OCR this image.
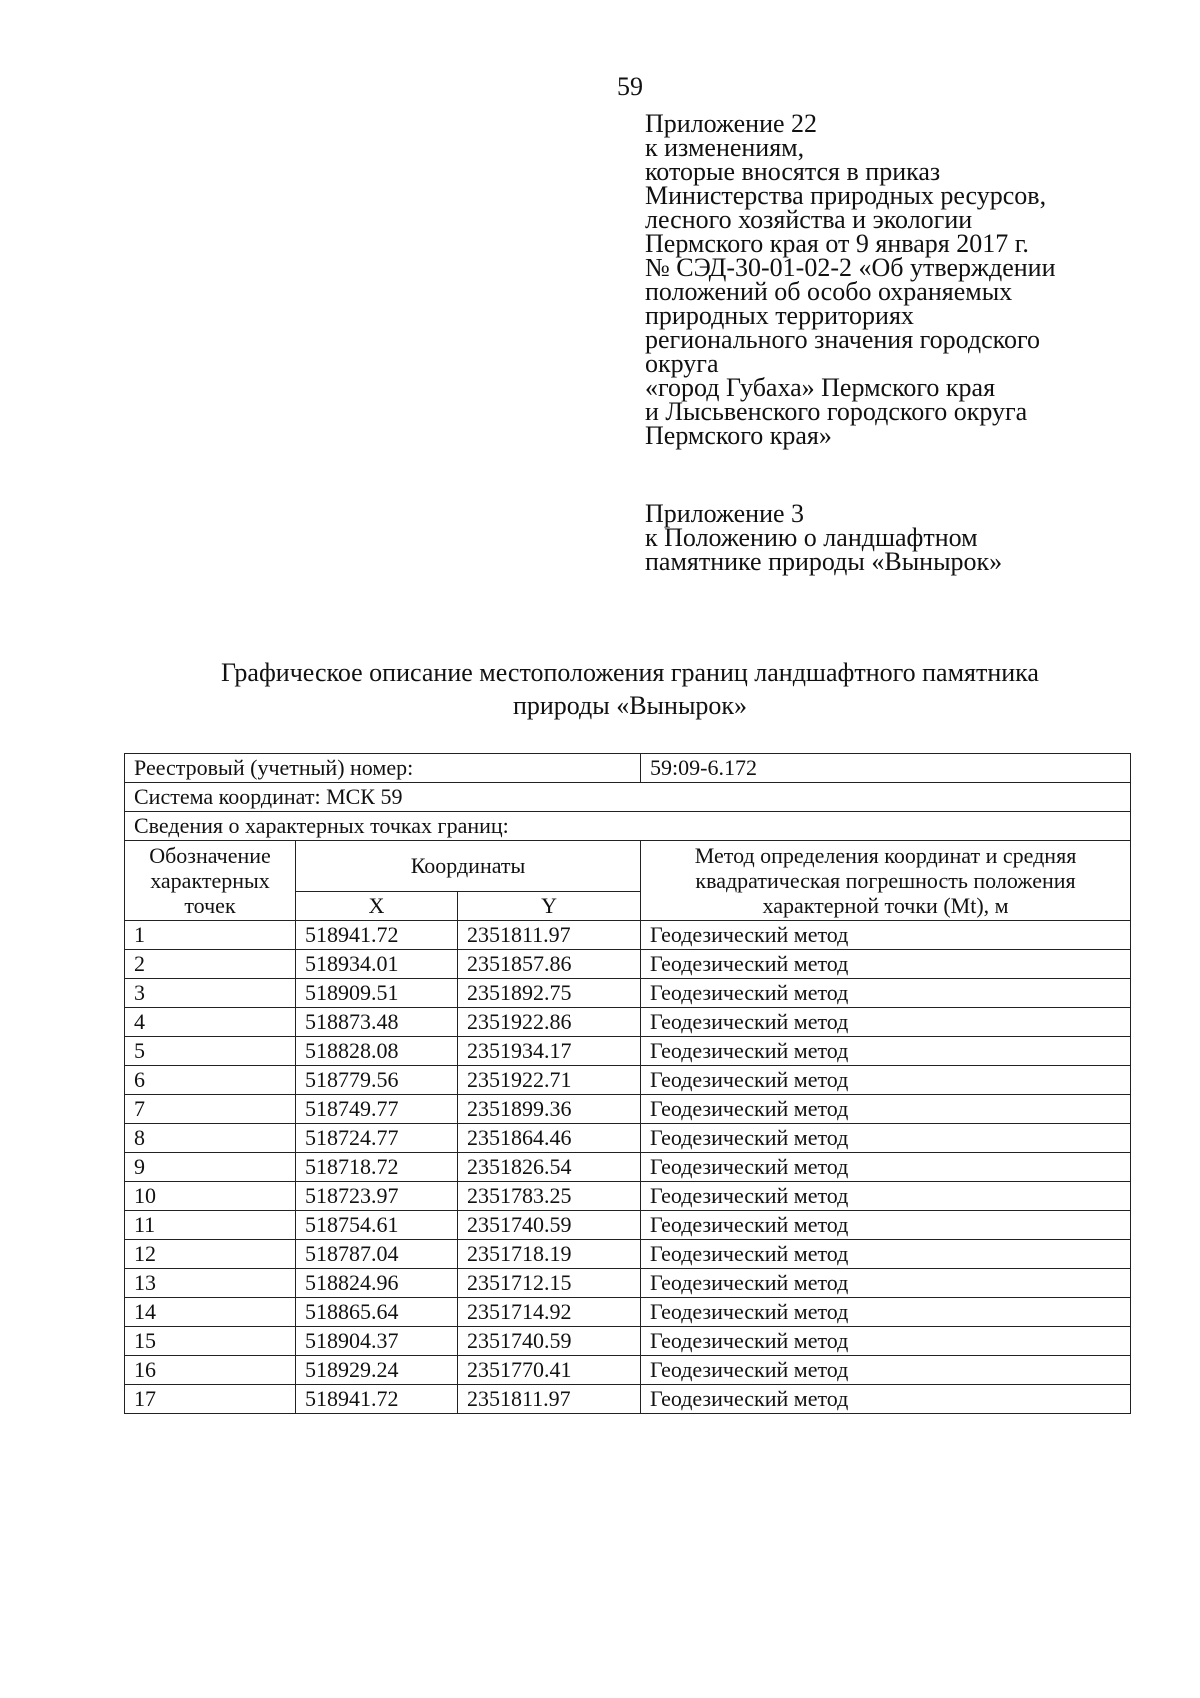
59
Приложение 22
к изменениям,
которые вносятся в приказ
Министерства природных ресурсов,
лесного хозяйства и экологии
Пермского края от 9 января 2017 г.
№ СЭД-30-01-02-2 «Об утверждении
положений об особо охраняемых
природных территориях
регионального значения городского
округа
«город Губаха» Пермского края
и Лысьвенского городского округа
Пермского края»
Приложение 3
к Положению о ландшафтном
памятнике природы «Вынырок»
Графическое описание местоположения границ ландшафтного памятника
природы «Вынырок»
Реестровый (учетный) номер:			59:09-6.172
Система координат: МСК 59			
Сведения о характерных точках границ:			

Обозначение
характерных
точек	Координаты		Метод определения координат и средняя
квадратическая погрешность положения
характерной точки (Mt), м

	X	Y	
1	518941.72	2351811.97	Геодезический метод
2	518934.01	2351857.86	Геодезический метод
3	518909.51	2351892.75	Геодезический метод
4	518873.48	2351922.86	Геодезический метод
5	518828.08	2351934.17	Геодезический метод
6	518779.56	2351922.71	Геодезический метод
7	518749.77	2351899.36	Геодезический метод
8	518724.77	2351864.46	Геодезический метод
9	518718.72	2351826.54	Геодезический метод
10	518723.97	2351783.25	Геодезический метод
11	518754.61	2351740.59	Геодезический метод
12	518787.04	2351718.19	Геодезический метод
13	518824.96	2351712.15	Геодезический метод
14	518865.64	2351714.92	Геодезический метод
15	518904.37	2351740.59	Геодезический метод
16	518929.24	2351770.41	Геодезический метод
17	518941.72	2351811.97	Геодезический метод
